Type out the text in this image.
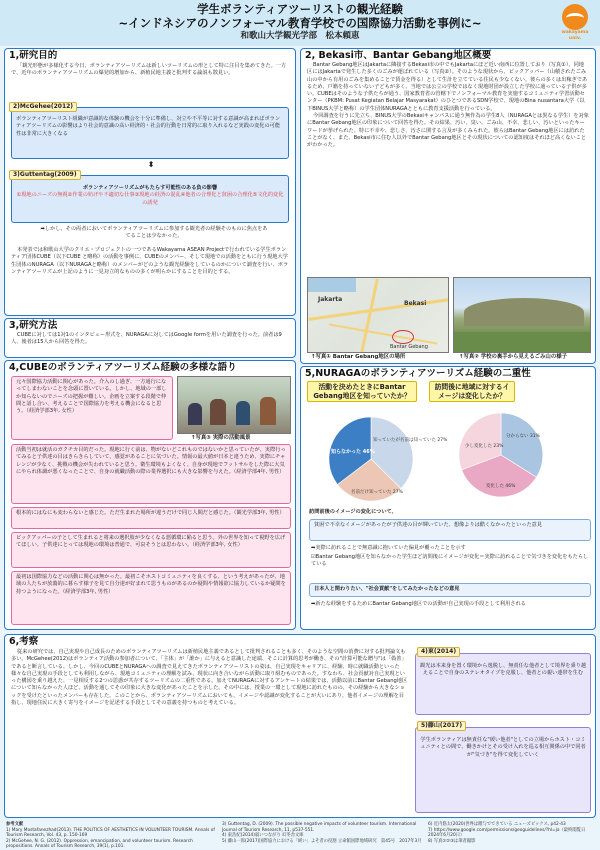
学生ボランティアツーリストの観光経験
~インドネシアのノンフォーマル教育学校での国際協力活動を事例に~
和歌山大学観光学部　松本頼恵	wakayama univ.
1,研究目的
「観光形態が多様化する今日、ボランティアツーリズムは新しいツーリズムの形として特に注目を集めてきた。一方で、近年のボランティアツーリズムの爆発的増加から、新植民地主義と批判する論説も散見い。
ボランティアツーリスト組織が意識的な体験の機会を十分に準備し、対立や不平等に対する意識が高まればボランティアツーリズムの影響はより社会的意識の高い経済的・社会的行動を日常的に取り入れるなど実践の変化の可能性は非常に大きくなる
2)McGehee(2012)
⬍
ボランティアツーリズムがもたらす可能性のある負の影響
①現地のニーズの無視②作業の妨げや不適切な仕事③現地の経済の混乱④他者の合理化と貧困の合理化⑤文化的変化の誘発
3)Guttentag(2009)
➡しかし、その両者においてボランティアツーリズムに参加する観光者の経験そのものに焦点をあてることは少なかった。
本発表では和歌山大学のクリエ・プロジェクトの一つであるWakayama ASEAN Projectで行われている学生ボランティア団体CUBE（以下CUBE と略称）の活動を事例に、CUBEのメンバー、そして現地での活動をともに行う現地大学生団体のNURAGA（以下NURAGAと略称）のメンバーがどのような観光経験をしているのかについて調査を行い、ボランティアツーリズムが上記のように一見対立的なものの多くが明らかにすることを目的とする。
3,研究方法
CUBEに対しては1対1のインタビュー形式を、NURAGAに対してはGoogle formを用いた調査を行った。前者は9人、後者は15人から回答を得た。
4,CUBEのボランティアツーリズム経験の多様な語り
元々国際協力活動に関心があった。介入のし過ぎ、一方通行になってしまわないことを念頭に置いている。しかし、地域の一部しか知らないのでニーズの把握が難しい。企画を立案する段階で仲間と話し合い、考えることで国際協力を考える機会になると思う。（経済学部3年, 女性）
↑写真③ 実際の活動風景
活動当初は就活のガクチカ目的だった。現地に行く前は、物がないどこれものではないかと思っていたが、実際行ってみると子供達の目はきらきらしていて、感覚があることに気づいた。情報の最大値が日本と違うため、実際にチャレンジが少なく、挑戦の機会が失われていると思う。衛生環境もよくなく、自身が現地でフットサルをした際に大気にやられ体調が悪くなったことで、自身の就職活動の際の業界選択にも大きな影響を与えた。（経済学部4年, 男性）
根本的にはなにも変わらないと感じた。ただ生まれた場所が違うだけで同じ人間だと感じた。（観光学部3年, 男性）
ピックアッパーの子として生まれると将来の選択肢が少なくなる悪循環に陥ると思う。外の世界を知って視野を広げてほしい。子供達にとっては現地の環境は普通で、可哀そうとは思わない。（経済学部3年, 女性）
最初は国際協力などの活動に関心は無かった。最初こそホストコミュニティを良くする、という考えがあったが、地域の人たちが放蕩的に暮らす様子を見て自分達が好まれて思うものがあるのか疑問や情報欲に協力しているか疑問を持つようになった。（経済学部3年, 男性）
2, Bekasi市、Bantar Gebang地区概要
Bantar Gebang地区はJakartaに隣接するBekasi市の中でもJakartaにほど近い南西に位置しており（写真①）、同地区にはJakartaで発生した多くのごみが運ばれている（写真②）。そのような現状から、ピックアッパー（山積されたごみ山の中から有用のごみを集めることで賃金を得る）として生計を立てている住民も少なくない。彼らの多くは出稼ぎであるため、戸籍を持っていない子どもが多く、当地では公立の学校ではなく現地財団が設立した学校に通っている子供が多い。CUBEはそのような子供たちが通う、国家教育省の管轄下でノンフォーマル教育を実施するコミュニティ学習活動センター（PKBM: Pusat Kegiatan Belajar Masyarakat）のひとつであるSDN学校で、現地のBina nusantara大学（以下BINUS大学と略称）の学生団体NURAGAとともに教育支援活動を行っている。
今回調査を行うに先立ち、BINUS大学のBekasiキャンパスに通う無作為の学生8人（NURAGAとは異なる学生）を対象にBantar Gebang地区の印象について回答を得た。その結果、汚い、臭い、ごみ山、不幸、悲しい、汚いといったキーワードが挙げられた。特に不幸や、悲しさ、汚さに関する言及が多くみられた。彼らはBantar Gebang地区には訪れたことがなく、また、Bekasi市に住む人以外でBantar Gebang地区とその現状についての認知度はそれほど高くないことがわかった。
Jakarta
Bekasi
Bantar Gebang
↑写真① Bantar Gebang地区の場所	↑写真② 学校の裏手から見えるごみ山の様子
5,NURAGAのボランティアツーリズム経験の二重性
活動を決めたときにBantar Gebang地区を知っていたか？
訪問後に地域に対するイメージは変化したか？
知らなかった 46%
知っていたが名前は知っていた 27%
名前だけ知っていた 27%
分からない 31%
変化した 46%
少し変化した 23%
訪問前後のイメージの変化について、
貧困で不幸なイメージがあったが子供達の目が輝いていた、想像よりは酷くなかったといった意見
➡実際に訪れることで無意識に抱いていた偏見が覆ったことを示す
☑Bantar Gebang地区を知らなかった学生ほど訪問後にイメージが変化＝実際に訪れることで気づきを変化をもたらしている
日本人と関わりたい、"社会貢献"をしてみたかったなどの意見
➡新たな経験をするためにBantar Gebang地区での活動が自己実現の手段として利用される
6,考察
従来の研究では、自己実現や自己成長のためのボランティアツーリズムは新植民地主義であるとして批判されることも多く、そのような空間の消費に対する批判論文も多い。McGehee(2012)はボランティア活動の参加者について、「主体」が「誰か」に与えると意識した途端、そこに計算的思考が働き、その"計算可能な贈与"は「偽善」であると断言している。しかし、今回のCUBEとNURAGAへの調査で見えてきたボランティアツーリストの姿は、自己実現をキャリアに、経験、時に就職活動といった様々な自己実現の手段としても利用しながら、現地コミュニティの理解を試み、現状に向き合いながら活動に取り組むものであった。すなわち、社会貢献対自己実現といった構図を乗り越えた、一見相反する2つの思惑が共存するツーリズムの二重性である。加えてNURAGAに対するアンケートの結果では、活動以前にBantar Gebang地区について知らなかった人ほど、活動を通してその印象に大きな変化があったことを示した。その中には、授業の一環として現地に訪れたものの、その経験から大きなショックを受けたといったメンバーも存在した。このことから、ボランティアツーリズムにおいても、イメージや認識が変化することが大いにあり、他者イメージの理解を目指し、現地住民に大きく寄与をイメージを記述する手段としてその意義を持つものと考えている。
観光は本来身を置く環境から逸脱し、無責任な他者として境界を乗り越えることで自身のステレオタイプを克服し、他者との親い連帯を生む
4)東(2014)
学生ボランティアは無責任な"緩い他者"としての立場からホスト・コミュニティとの間で、働きかけとその受け入れを巡る相互関係の中で同者が"気づき"を得て変化していく
5)藤山(2017)
参考文献
1) Mary Mostafanezhad(2013). THE POLITICS OF AESTHETICS IN VOLUNTEER TOURISM. Annals of Tourism Research, Vol. 43, p. 150-169
2) McGehee, N. G. (2012). Oppression, emancipation, and volunteer tourism. Research propositions. Annals of Tourism Research, 39(1), p.101.
3) Guttentag, D. (2009). The possible negative impacts of volunteer tourism. International Journal of Tourism Research, 11, p537-551.
4) 東浩紀(2014)弱いつながり 幻冬舎文庫
5) 藤山一郎(2017)国際協力における「緩い」よそ者の役割 立命館国際地域研究　第45号　2017年3月
6) 近内悠太(2020)世界は贈与でできている ニューズピックス, p42-43
7) https://www.google.com/permissions/geoguidelines/?hl=ja（最終閲覧日2024年6月20日）
8) 写真①②③は筆者撮影
